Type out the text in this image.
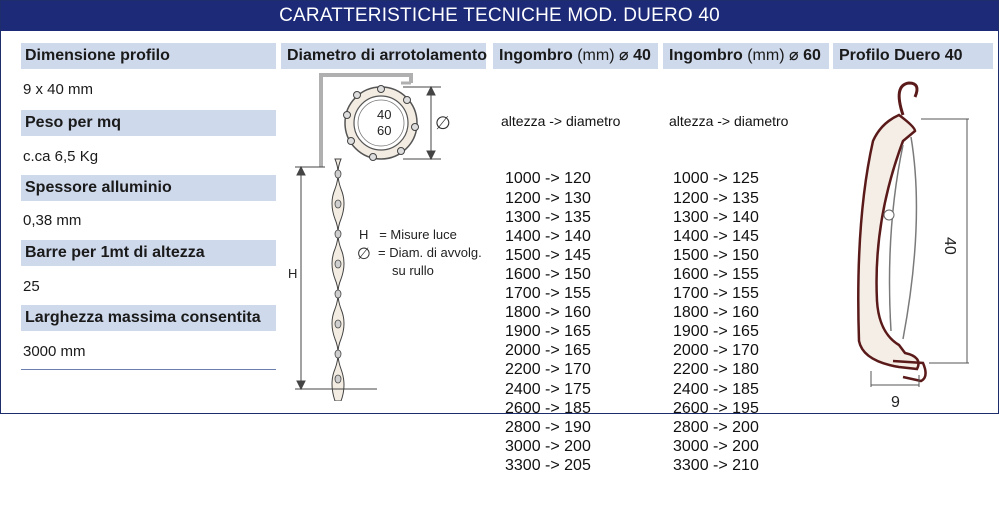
CARATTERISTICHE TECNICHE MOD. DUERO 40
Dimensione profilo
9 x 40 mm
Peso per mq
c.ca 6,5 Kg
Spessore alluminio
0,38 mm
Barre per 1mt di altezza
25
Larghezza massima consentita
3000 mm
Diametro di arrotolamento
40
60 ∅
H
H   = Misure luce
∅ = Diam. di avvolg.
su rullo
Ingombro (mm) ⌀ 40

altezza -> diametro

1000 -> 120
1200 -> 130
1300 -> 135
1400 -> 140
1500 -> 145
1600 -> 150
1700 -> 155
1800 -> 160
1900 -> 165
2000 -> 165
2200 -> 170
2400 -> 175
2600 -> 185
2800 -> 190
3000 -> 200
3300 -> 205

Ingombro (mm) ⌀ 60

altezza -> diametro

1000 -> 125
1200 -> 135
1300 -> 140
1400 -> 145
1500 -> 150
1600 -> 155
1700 -> 155
1800 -> 160
1900 -> 165
2000 -> 170
2200 -> 180
2400 -> 185
2600 -> 195
2800 -> 200
3000 -> 200
3300 -> 210

Profilo Duero 40
40
9
